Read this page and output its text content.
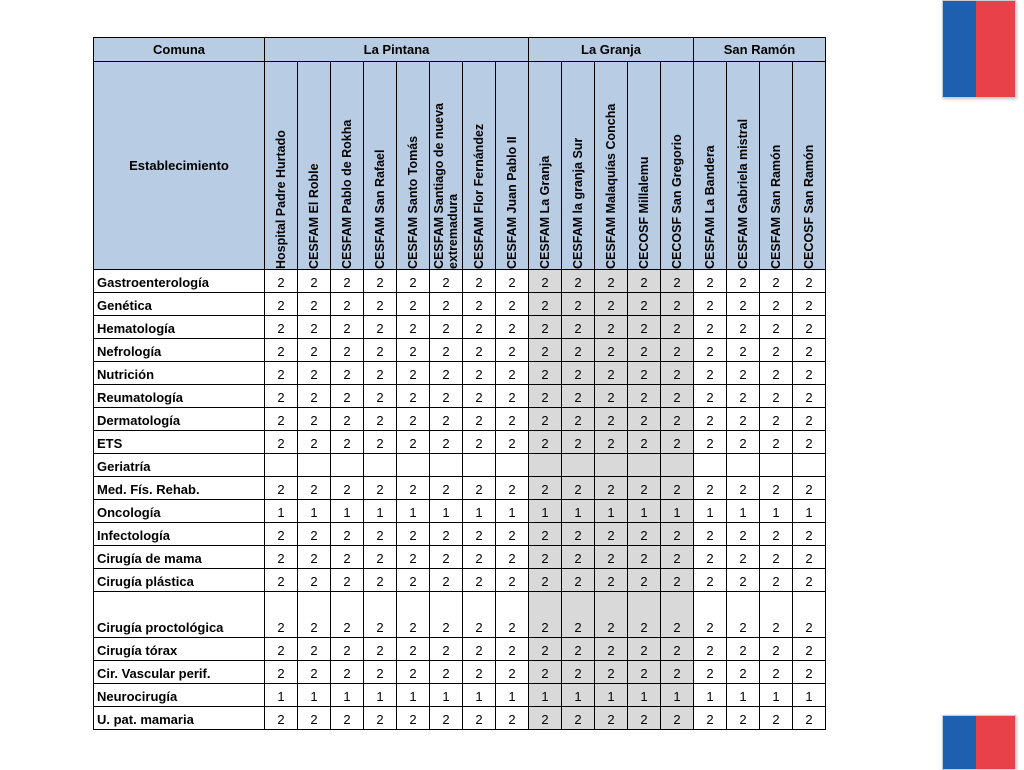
Comuna	La Pintana								La Granja					San Ramón			
Establecimiento	Hospital Padre Hurtado	CESFAM El Roble	CESFAM Pablo de Rokha	CESFAM San Rafael	CESFAM Santo Tomás	CESFAM Santiago de nueva extremadura	CESFAM Flor Fernández	CESFAM Juan Pablo II	CESFAM La Granja	CESFAM la granja Sur	CESFAM Malaquías Concha	CECOSF Millalemu	CECOSF San Gregorio	CESFAM La Bandera	CESFAM Gabriela mistral	CESFAM San Ramón	CECOSF San Ramón

Gastroenterología	2	2	2	2	2	2	2	2	2	2	2	2	2	2	2	2	2
Genética	2	2	2	2	2	2	2	2	2	2	2	2	2	2	2	2	2
Hematología	2	2	2	2	2	2	2	2	2	2	2	2	2	2	2	2	2
Nefrología	2	2	2	2	2	2	2	2	2	2	2	2	2	2	2	2	2
Nutrición	2	2	2	2	2	2	2	2	2	2	2	2	2	2	2	2	2
Reumatología	2	2	2	2	2	2	2	2	2	2	2	2	2	2	2	2	2
Dermatología	2	2	2	2	2	2	2	2	2	2	2	2	2	2	2	2	2
ETS	2	2	2	2	2	2	2	2	2	2	2	2	2	2	2	2	2
Geriatría																	
Med. Fís. Rehab.	2	2	2	2	2	2	2	2	2	2	2	2	2	2	2	2	2
Oncología	1	1	1	1	1	1	1	1	1	1	1	1	1	1	1	1	1
Infectología	2	2	2	2	2	2	2	2	2	2	2	2	2	2	2	2	2
Cirugía de mama	2	2	2	2	2	2	2	2	2	2	2	2	2	2	2	2	2
Cirugía plástica	2	2	2	2	2	2	2	2	2	2	2	2	2	2	2	2	2
Cirugía proctológica	2	2	2	2	2	2	2	2	2	2	2	2	2	2	2	2	2
Cirugía tórax	2	2	2	2	2	2	2	2	2	2	2	2	2	2	2	2	2
Cir. Vascular perif.	2	2	2	2	2	2	2	2	2	2	2	2	2	2	2	2	2
Neurocirugía	1	1	1	1	1	1	1	1	1	1	1	1	1	1	1	1	1
U. pat. mamaria	2	2	2	2	2	2	2	2	2	2	2	2	2	2	2	2	2
